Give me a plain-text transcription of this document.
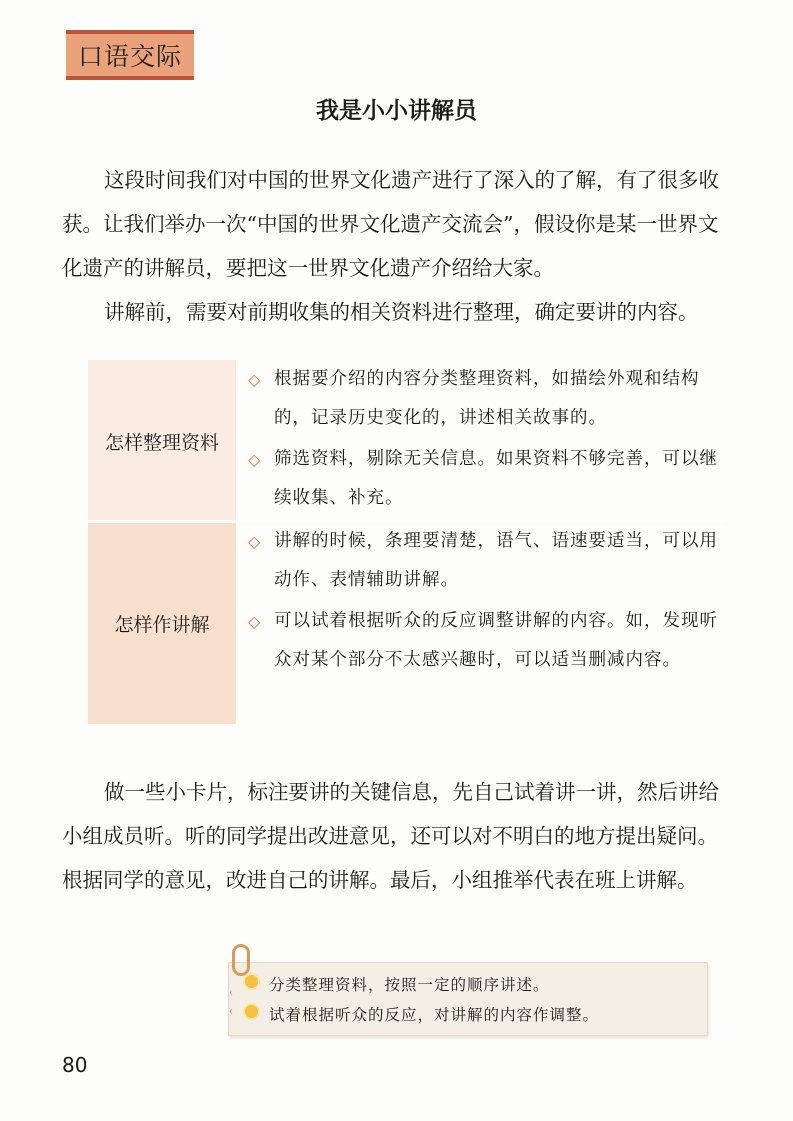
口语交际
我是小小讲解员
这段时间我们对中国的世界文化遗产进行了深入的了解，有了很多收获。让我们举办一次“中国的世界文化遗产交流会”，假设你是某一世界文化遗产的讲解员，要把这一世界文化遗产介绍给大家。
讲解前，需要对前期收集的相关资料进行整理，确定要讲的内容。
怎样整理资料
怎样作讲解
◇ 根据要介绍的内容分类整理资料，如描绘外观和结构的，记录历史变化的，讲述相关故事的。
◇ 筛选资料，剔除无关信息。如果资料不够完善，可以继续收集、补充。
◇ 讲解的时候，条理要清楚，语气、语速要适当，可以用动作、表情辅助讲解。
◇ 可以试着根据听众的反应调整讲解的内容。如，发现听众对某个部分不太感兴趣时，可以适当删减内容。
做一些小卡片，标注要讲的关键信息，先自己试着讲一讲，然后讲给小组成员听。听的同学提出改进意见，还可以对不明白的地方提出疑问。根据同学的意见，改进自己的讲解。最后，小组推举代表在班上讲解。
分类整理资料，按照一定的顺序讲述。
试着根据听众的反应，对讲解的内容作调整。
80
